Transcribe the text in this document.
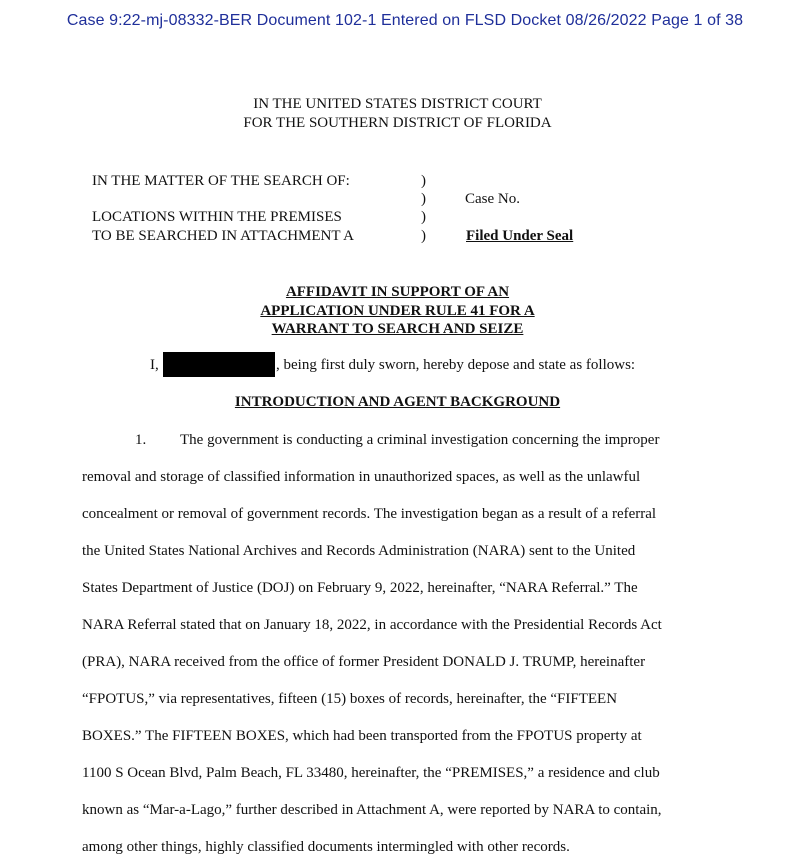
Case 9:22-mj-08332-BER Document 102-1 Entered on FLSD Docket 08/26/2022 Page 1 of 38
IN THE UNITED STATES DISTRICT COURT
FOR THE SOUTHERN DISTRICT OF FLORIDA
IN THE MATTER OF THE SEARCH OF:
LOCATIONS WITHIN THE PREMISES
TO BE SEARCHED IN ATTACHMENT A
)
)
)
)
Case No.
Filed Under Seal
AFFIDAVIT IN SUPPORT OF AN
APPLICATION UNDER RULE 41 FOR A
WARRANT TO SEARCH AND SEIZE
I,	, being first duly sworn, hereby depose and state as follows:
INTRODUCTION AND AGENT BACKGROUND
1. The government is conducting a criminal investigation concerning the improper
removal and storage of classified information in unauthorized spaces, as well as the unlawful
concealment or removal of government records. The investigation began as a result of a referral
the United States National Archives and Records Administration (NARA) sent to the United
States Department of Justice (DOJ) on February 9, 2022, hereinafter, “NARA Referral.” The
NARA Referral stated that on January 18, 2022, in accordance with the Presidential Records Act
(PRA), NARA received from the office of former President DONALD J. TRUMP, hereinafter
“FPOTUS,” via representatives, fifteen (15) boxes of records, hereinafter, the “FIFTEEN
BOXES.” The FIFTEEN BOXES, which had been transported from the FPOTUS property at
1100 S Ocean Blvd, Palm Beach, FL 33480, hereinafter, the “PREMISES,” a residence and club
known as “Mar-a-Lago,” further described in Attachment A, were reported by NARA to contain,
among other things, highly classified documents intermingled with other records.
